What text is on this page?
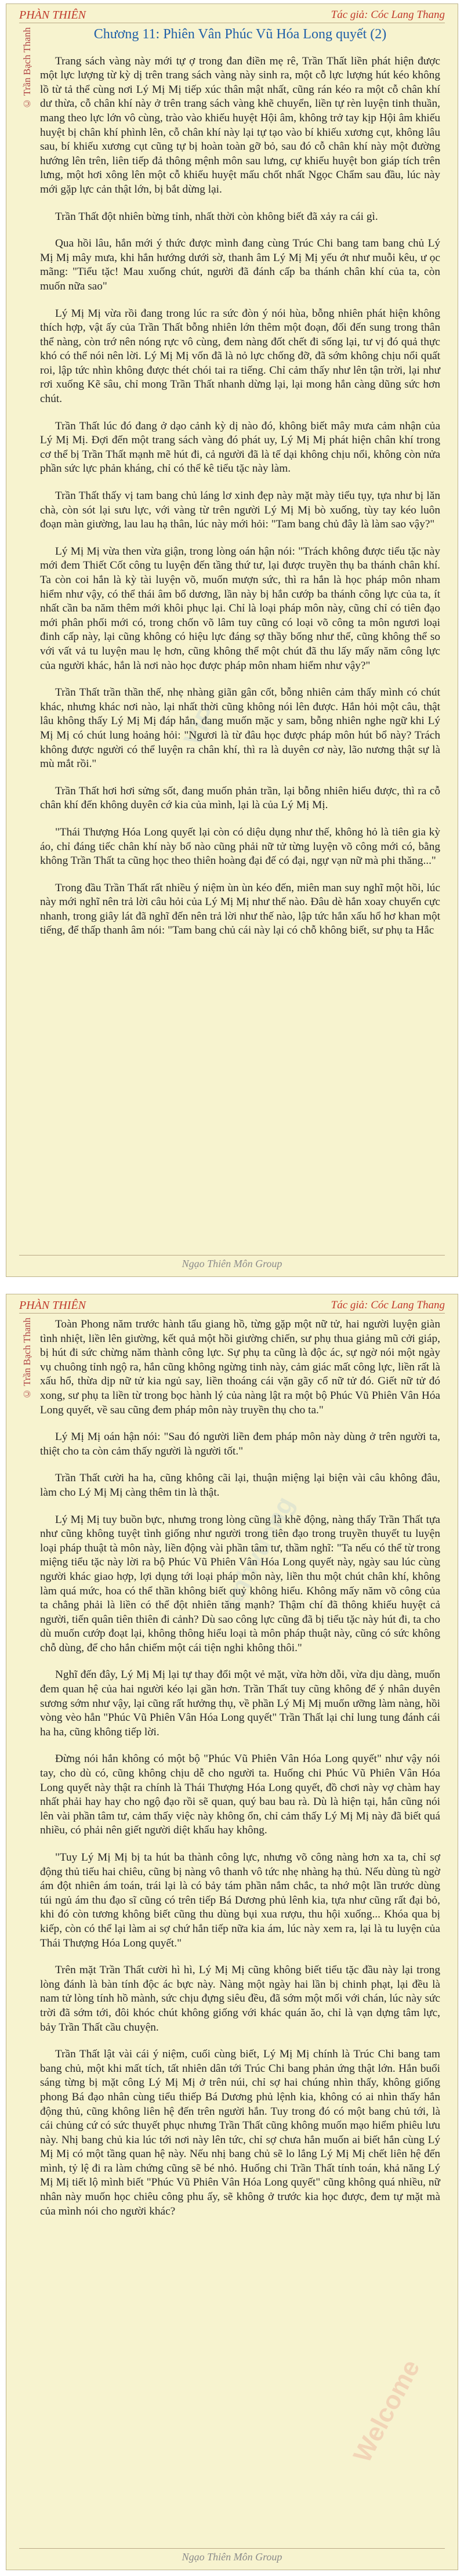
PHÀN THIÊN	Tác giả: Cóc Lang Thang
© Trần Bạch Thanh
VIP

Chương 11: Phiên Vân Phúc Vũ Hóa Long quyết (2)

Trang sách vàng này mới tự ợ trong đan điền mẹ rê, Trần Thất liền phát hiện được một lực lượng từ kỳ dị trên trang sách vàng này sinh ra, một cỗ lực lượng hút kéo không lồ từ tả thể cùng nơi Lý Mị Mị tiếp xúc thân mật nhất, cũng rán kéo ra một cỗ chân khí dư thừa, cỗ chân khí này ở trên trang sách vàng khẽ chuyển, liền tự rèn luyện tinh thuần, mang theo lực lớn vô cùng, trào vào khiếu huyệt Hội âm, không trở tay kịp Hội âm khiếu huyệt bị chân khí phình lên, cỗ chân khí này lại tự tạo vào bí khiếu xương cụt, không lâu sau, bí khiếu xương cụt cũng tự bị hoàn toàn gỡ bỏ, sau đó cỗ chân khí này một đường hướng lên trên, liên tiếp đả thông mệnh môn sau lưng, cự khiếu huyệt bon giáp tích trên lưng, một hơi xông lên một cỗ khiếu huyệt mấu chốt nhất Ngọc Chẩm sau đầu, lúc này mới gặp lực cản thật lớn, bị bắt dừng lại.

Trần Thất đột nhiên bừng tỉnh, nhất thời còn không biết đã xảy ra cái gì.

Qua hồi lâu, hắn mới ý thức được mình đang cùng Trúc Chi bang tam bang chủ Lý Mị Mị mây mưa, khi hắn hướng dưới sờ, thanh âm Lý Mị Mị yếu ớt như muỗi kêu, ư ọc mãng: "Tiểu tặc! Mau xuống chút, người đã đánh cấp ba thánh chân khí của ta, còn muốn nữa sao"

Lý Mị Mị vừa rồi đang trong lúc ra sức đòn ý nói hùa, bỗng nhiên phát hiện không thích hợp, vật ấy của Trần Thất bỗng nhiên lớn thêm một đoạn, đối đến sung trong thân thể nàng, còn trớ nên nóng rực vô cùng, đem nàng đốt chết đi sống lại, tư vị đó quả thực khó có thể nói nên lời. Lý Mị Mị vốn đã là nỏ lực chống đỡ, đã sớm không chịu nổi quất roi, lập tức nhìn không được thét chói tai ra tiếng. Chỉ cảm thấy như lên tận trời, lại như rơi xuống Kẽ sâu, chỉ mong Trần Thất nhanh dừng lại, lại mong hắn càng dũng sức hơn chút.

Trần Thất lúc đó đang ở dạo cảnh kỳ dị nào đó, không biết mây mưa cảm nhận của Lý Mị Mị. Đợi đến một trang sách vàng đó phát uy, Lý Mị Mị phát hiện chân khí trong cơ thể bị Trần Thất mạnh mẽ hút đi, cả người đã là tế dại không chịu nổi, không còn nửa phần sức lực phản kháng, chỉ có thể kê tiểu tặc này làm.

Trần Thất thấy vị tam bang chủ láng lơ xinh đẹp này mặt mày tiểu tụy, tựa như bị lăn chà, còn sót lại sưu lực, với vàng từ trên người Lý Mị Mị bò xuống, tùy tay kéo luôn đoạn màn giường, lau lau hạ thân, lúc này mới hỏi: "Tam bang chủ đây là làm sao vậy?"

Lý Mị Mị vừa then vừa giận, trong lòng oán hận nói: "Trách không được tiểu tặc này mới đem Thiết Cốt công tu luyện đến tầng thứ tư, lại được truyền thụ ba thánh chân khí. Ta còn coi hắn là kỳ tài luyện võ, muốn mượn sức, thì ra hắn là học pháp môn nham hiểm như vậy, có thể thái âm bổ dương, lần này bị hắn cướp ba thánh công lực của ta, ít nhất cần ba năm thêm mới khôi phục lại. Chỉ là loại pháp môn này, cũng chỉ có tiên đạo mới phân phối mới có, trong chốn võ lâm tuy cũng có loại võ công ta môn ngươi loại đinh cấp này, lại cũng không có hiệu lực đáng sợ thầy bống như thế, cũng không thể so với vất vả tu luyện mau lẹ hơn, cũng không thể một chút đã thu lấy mấy năm công lực của người khác, hắn là nơi nào học được pháp môn nham hiểm như vậy?"

Trần Thất trần thần thế, nhẹ nhàng giãn gân cốt, bỗng nhiên cảm thấy mình có chút khác, nhưng khác nơi nào, lại nhất thời cũng không nói lên được. Hắn hỏi một câu, thật lâu không thấy Lý Mị Mị đáp hắn, đang muốn mặc y sam, bỗng nhiên nghe ngữ khi Lý Mị Mị có chút lung hoảng hỏi: "Ngươi là từ đâu học được pháp môn hút bổ này? Trách không được người có thể luyện ra chân khí, thì ra là duyên cơ này, lão nương thật sự là mù mắt rồi."

Trần Thất hơi hơi sửng sốt, đang muốn phản trần, lại bỗng nhiên hiểu được, thì ra cỗ chân khí đến không duyên cớ kia của mình, lại là của Lý Mị Mị.

"Thái Thượng Hóa Long quyết lại còn có diệu dụng như thế, không hỏ là tiên gia kỳ áo, chỉ đáng tiếc chân khí này bổ nào cũng phải nữ tử từng luyện võ công mới có, bằng không Trần Thất ta cũng học theo thiên hoàng đại đế có đại, ngự vạn nữ mà phi thăng..."

Trong đầu Trần Thất rất nhiều ý niệm ùn ùn kéo đến, miên man suy nghĩ một hồi, lúc này mới nghĩ nên trả lời câu hỏi của Lý Mị Mị như thế nào. Đâu dè hắn xoay chuyển cực nhanh, trong giây lát đã nghĩ đến nên trả lời như thế nào, lập tức hắn xấu hổ hơ khan một tiếng, để thấp thanh âm nói: "Tam bang chủ cái này lại có chỗ không biết, sư phụ ta Hắc

Ngạo Thiên Môn Group
PHÀN THIÊN	Tác giả: Cóc Lang Thang
© Trần Bạch Thanh
anhvuong
Welcome

Toàn Phong năm trước hành tẩu giang hồ, từng gặp một nữ tử, hai người luyện giàn tình nhiệt, liền lên giường, kết quả một hồi giường chiến, sư phụ thua giảng mũ cởi giáp, bị hút đi sức chừng năm thành công lực. Sự phụ ta cũng là độc ác, sự ngờ nói một ngày vụ chuông tỉnh ngộ ra, hắn cũng không ngừng tinh này, cảm giác mất công lực, liền rất là xấu hổ, thừa dịp nữ tử kia ngủ say, liền thoáng cái vặn gãy cổ nữ tử đó. Giết nữ tử đó xong, sư phụ ta liền từ trong bọc hành lý của nàng lật ra một bộ Phúc Vũ Phiên Vân Hóa Long quyết, về sau cũng đem pháp môn này truyền thụ cho ta."

Lý Mị Mị oán hận nói: "Sau đó người liền đem pháp môn này dùng ở trên người ta, thiệt cho ta còn cảm thấy người là người tốt."

Trần Thất cười ha ha, cũng không cãi lại, thuận miệng lại biện vài câu không đâu, làm cho Lý Mị Mị càng thêm tin là thật.

Lý Mị Mị tuy buồn bực, nhưng trong lòng cũng là khẽ động, nàng thấy Trần Thất tựa như cũng không tuyệt tình giống như người trong tiên đạo trong truyền thuyết tu luyện loại pháp thuật tà môn này, liền động vài phần tâm tư, thầm nghĩ: "Ta nếu có thể từ trong miệng tiểu tặc này lời ra bộ Phúc Vũ Phiên Vân Hóa Long quyết này, ngày sau lúc cùng người khác giao hợp, lợi dụng tới loại pháp môn này, liền thu một chút chân khí, không làm quá mức, hoa có thể thần không biết quỷ không hiểu. Không mấy năm võ công của ta chẳng phải là liền có thể đột nhiên tăng mạnh? Thậm chí đã thông khiếu huyệt cả người, tiến quân tiên thiên đi cảnh? Dù sao công lực cũng đã bị tiểu tặc này hút đi, ta cho dù muốn cướp đoạt lại, không thông hiểu loại tà môn pháp thuật này, cũng có sức không chỗ dùng, để cho hắn chiếm một cái tiện nghi không thôi."

Nghĩ đến đây, Lý Mị Mị lại tự thay đổi một vẻ mặt, vừa hờn dỗi, vừa dịu dàng, muốn đem quan hệ của hai người kéo lại gần hơn. Trần Thất tuy cũng không để ý nhân duyên sương sớm như vậy, lại cũng rất hưởng thụ, về phần Lý Mị Mị muốn ưỡng làm nàng, hồi vòng vèo hẳn "Phúc Vũ Phiên Vân Hóa Long quyết" Trần Thất lại chỉ lung tung đánh cái ha ha, cũng không tiếp lời.

Đừng nói hắn không có một bộ "Phúc Vũ Phiên Vân Hóa Long quyết" như vậy nói tay, cho dù có, cũng không chịu dễ cho người ta. Huống chi Phúc Vũ Phiên Vân Hóa Long quyết này thật ra chính là Thái Thượng Hóa Long quyết, đồ chơi này vợ chàm hay nhất phải hay hay cho ngộ đạo rồi sẽ quan, quý bau bau rà. Dù là hiện tại, hắn cũng nói lên vài phần tâm tư, cảm thấy việc này không ổn, chỉ cảm thấy Lý Mị Mị này đã biết quá nhiều, có phải nên giết người diệt khẩu hay không.

"Tuy Lý Mị Mị bị ta hút ba thành công lực, nhưng võ công nàng hơn xa ta, chỉ sợ động thủ tiếu hai chiêu, cũng bị nàng vô thanh vô tức nhẹ nhàng hạ thủ. Nếu dùng tù ngờ ám đột nhiên ám toán, trái lại là có bảy tám phần nắm chắc, ta nhớ một lần trước dùng túi ngủ ám thu đạo sĩ cũng có trên tiếp Bá Dương phủ lênh kia, tựa như cũng rất đại bỏ, khi đó còn tương không biết cũng thu dùng bụi xua rượu, thu hội xuống... Khóa qua bị kiếp, còn có thể lại làm ai sợ chứ hắn tiếp nữa kia ám, lúc này xem ra, lại là tu luyện của Thái Thượng Hóa Long quyết."

Trên mặt Trần Thất cười hì hì, Lý Mị Mị cũng không biết tiểu tặc đầu này lại trong lòng đánh là bàn tính độc ác bực này. Nàng một ngày hai lần bị chinh phạt, lại đều là nam tử lòng tính hồ mành, sức chịu đựng siêu đều, đã sớm một mối với chán, lúc này sức trời đã sớm tới, đôi khóc chút không giống với khác quán ăo, chỉ là vạn dựng tâm lực, bảy Trần Thất cầu chuyện.

Trần Thất lật vài cái ý niệm, cuối cùng biết, Lý Mị Mị chính là Trúc Chi bang tam bang chủ, một khi mất tích, tất nhiên dân tới Trúc Chi bang phản ứng thật lớn. Hắn buổi sáng từng bị mặt công Lý Mị Mị ở trên núi, chỉ sợ hai chúng nhìn thấy, không giống phong Bá đạo nhân cùng tiểu thiếp Bá Dương phủ lệnh kia, không có ai nhìn thấy hắn động thủ, cũng không liên hệ đến trên người hắn. Tuy trong đó có một bang chủ tới, là cái chủng cứ có sức thuyết phục nhưng Trần Thất cũng không muốn mạo hiểm phiêu lưu này. Nhị bang chủ kia lúc tới nơi này lên tức, chỉ sợ chưa hẳn muốn ai biết hắn cùng Lý Mị Mị có một tầng quan hệ này. Nếu nhị bang chủ sẽ lo lắng Lý Mị Mị chết liên hệ đến mình, tỷ lệ đi ra làm chứng cũng sẽ bé nhỏ. Huống chi Trần Thất tính toán, khả năng Lý Mị Mị tiết lộ mình biết "Phúc Vũ Phiên Vân Hóa Long quyết" cũng không quá nhiều, nữ nhân này muốn học chiêu công phu ấy, sẽ không ở trước kia học được, đem tự mặt mà của mình nói cho người khác?

Ngạo Thiên Môn Group
